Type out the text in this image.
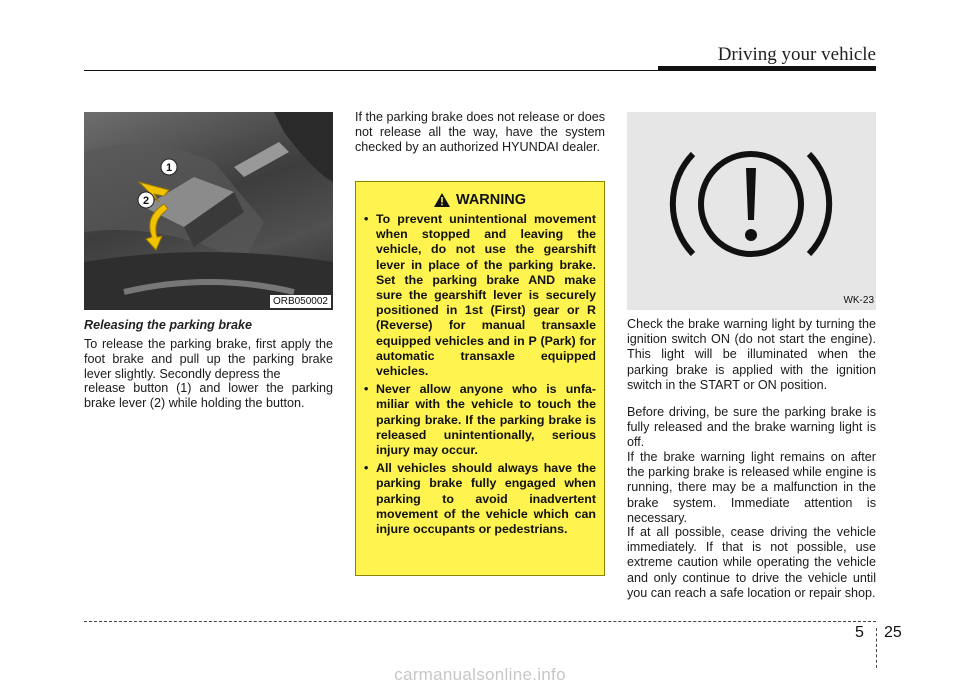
Driving your vehicle
1
2
ORB050002
Releasing the parking brake
To release the parking brake, first apply the foot brake and pull up the parking brake lever slightly. Secondly depress the
release button (1) and lower the parking brake lever (2) while holding the button.
If the parking brake does not release or does not release all the way, have the system checked by an authorized HYUNDAI dealer.
WARNING
• To prevent unintentional movement when stopped and leaving the vehicle, do not use the gearshift lever in place of the parking brake. Set the parking brake AND make sure the gearshift lever is securely positioned in 1st (First) gear or R (Reverse) for manual transaxle equipped vehicles and in P (Park) for automatic transaxle equipped vehicles.
• Never allow anyone who is unfamiliar with the vehicle to touch the parking brake. If the parking brake is released unintentionally, serious injury may occur.
• All vehicles should always have the parking brake fully engaged when parking to avoid inadvertent movement of the vehicle which can injure occupants or pedestrians.
WK-23
Check the brake warning light by turning the ignition switch ON (do not start the engine). This light will be illuminated when the parking brake is applied with the ignition switch in the START or ON position.
Before driving, be sure the parking brake is fully released and the brake warning light is off.
If the brake warning light remains on after the parking brake is released while engine is running, there may be a malfunction in the brake system. Immediate attention is necessary.
If at all possible, cease driving the vehicle immediately. If that is not possible, use extreme caution while operating the vehicle and only continue to drive the vehicle until you can reach a safe location or repair shop.
5 25
carmanualsonline.info
